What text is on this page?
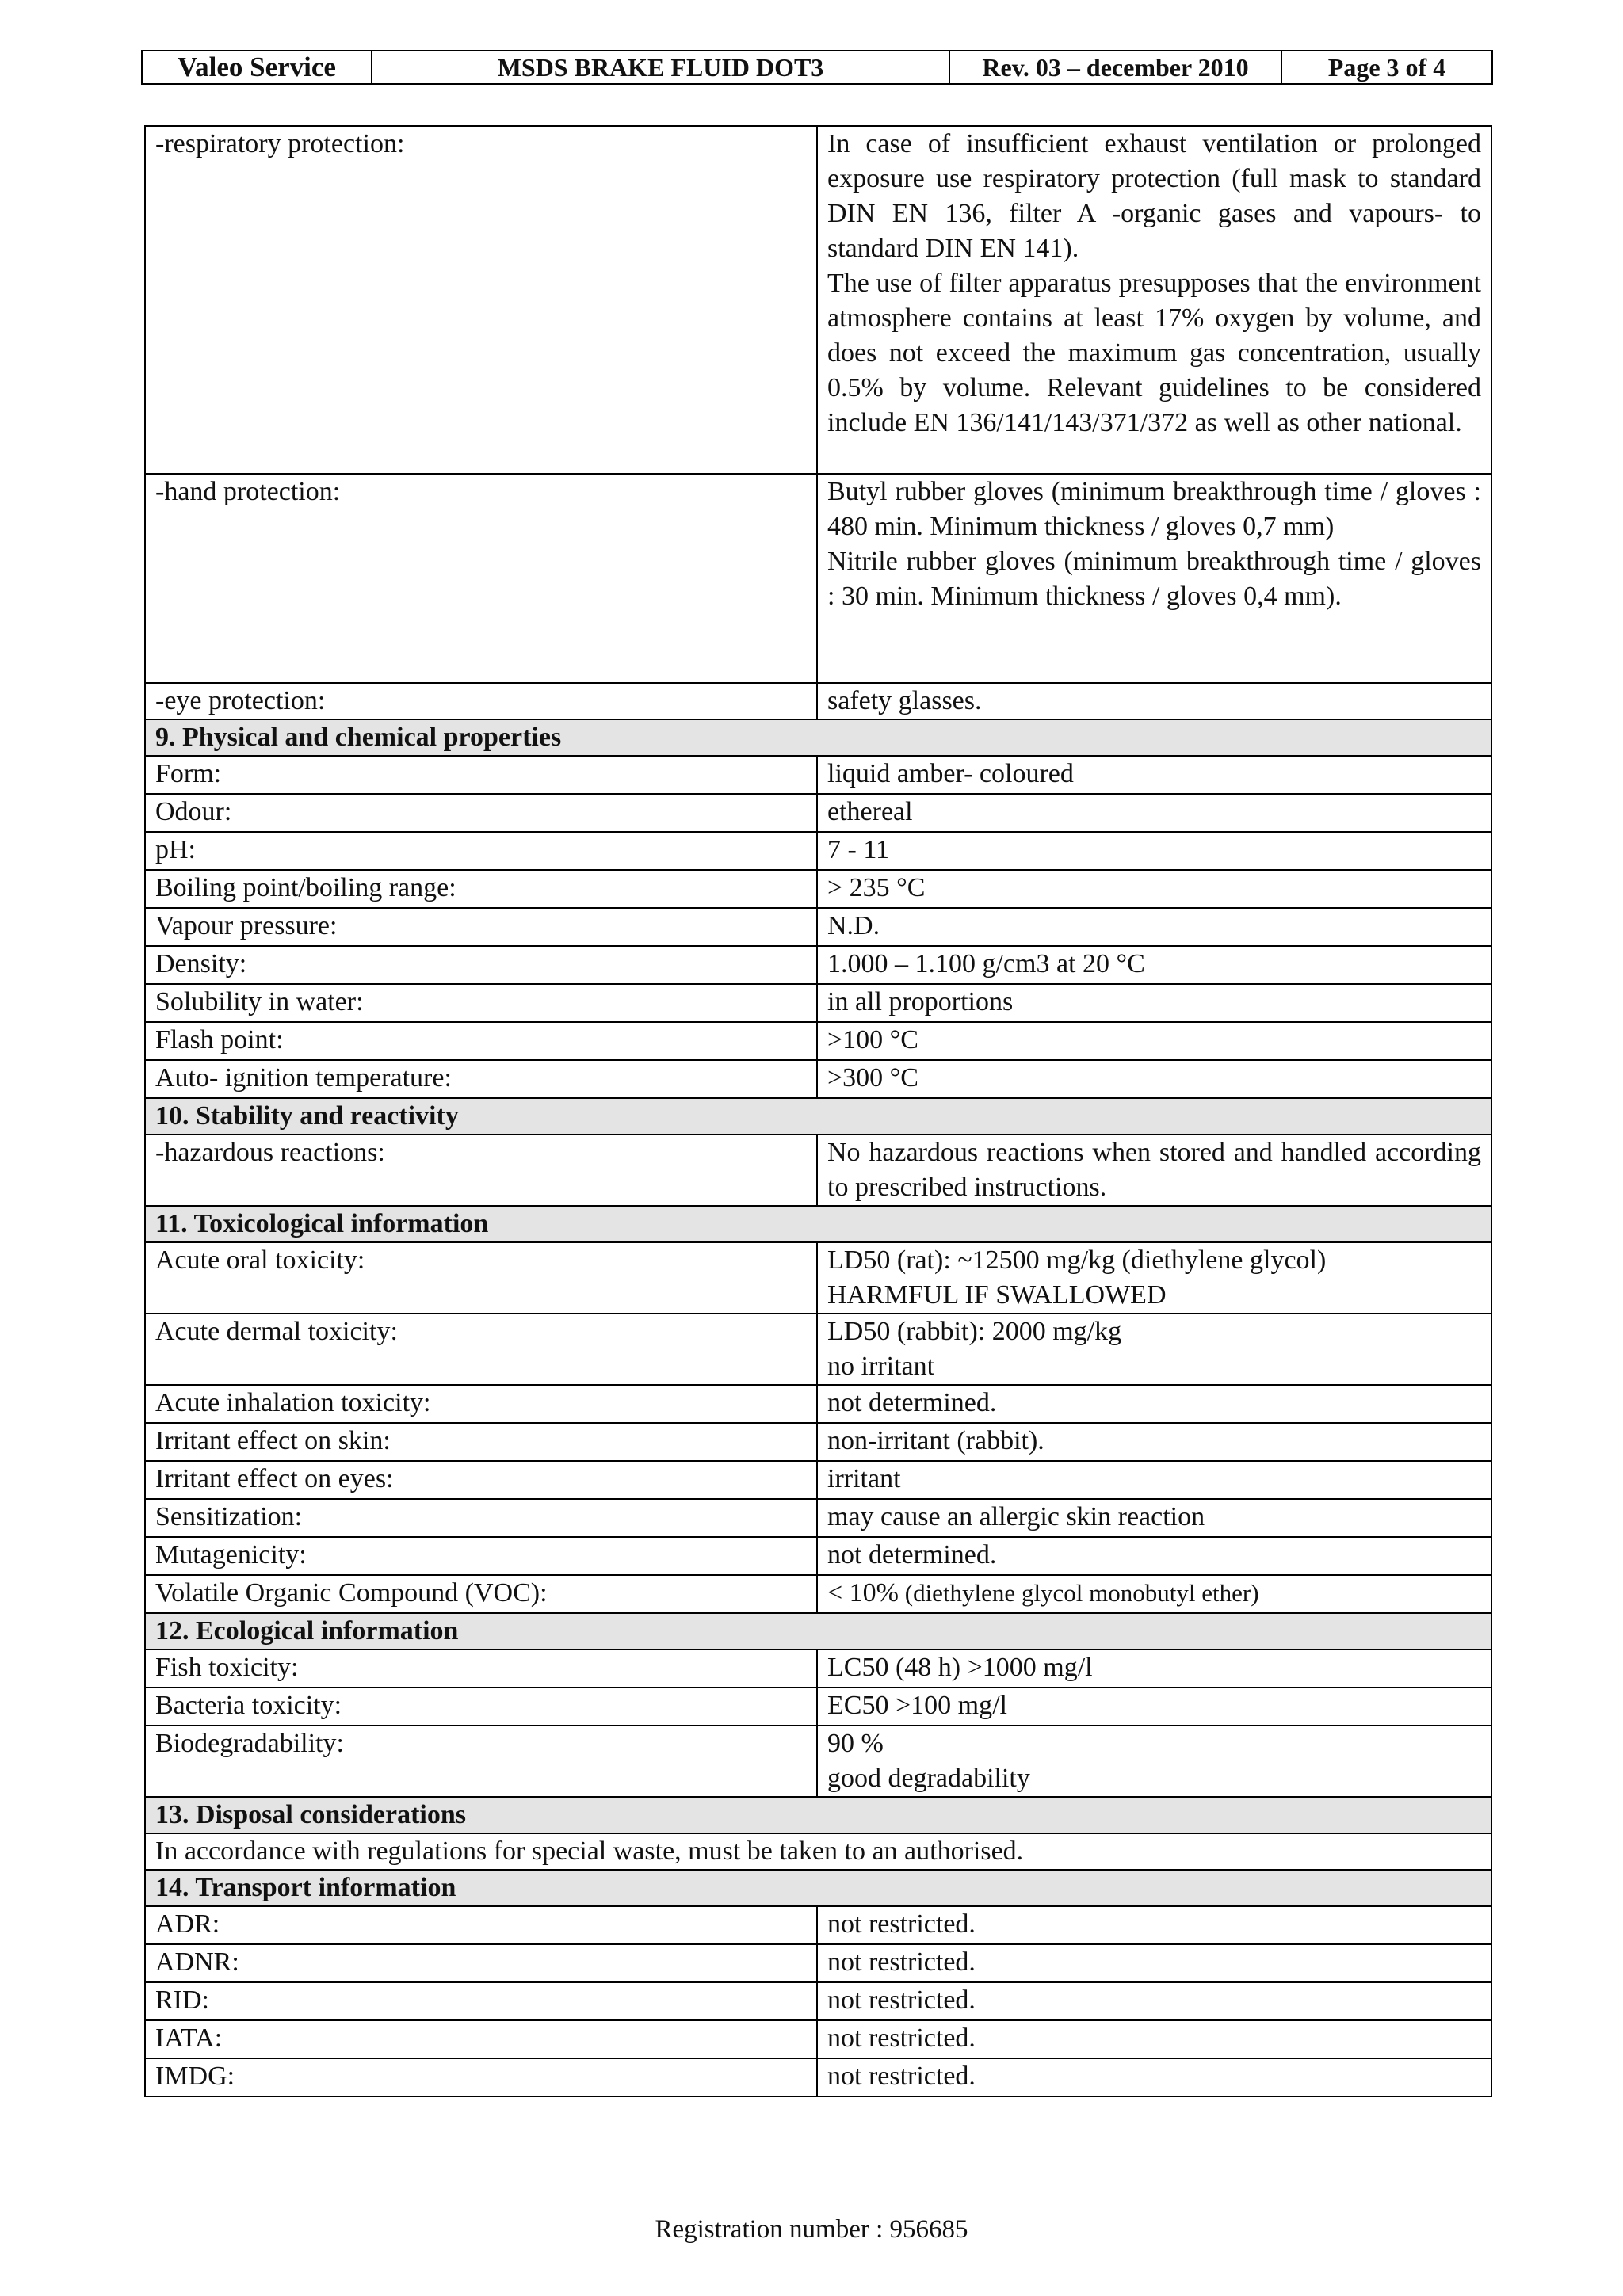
Valeo Service	MSDS BRAKE FLUID DOT3	Rev. 03 – december 2010	Page 3 of 4
-respiratory protection:	In case of insufficient exhaust ventilation or prolonged exposure use respiratory protection (full mask to standard DIN EN 136, filter A -organic gases and vapours- to standard DIN EN 141).
The use of filter apparatus presupposes that the environment atmosphere contains at least 17% oxygen by volume, and does not exceed the maximum gas concentration, usually 0.5% by volume. Relevant guidelines to be considered include EN 136/141/143/371/372 as well as other national.

-hand protection:	Butyl rubber gloves (minimum breakthrough time / gloves : 480 min. Minimum thickness / gloves 0,7 mm)
Nitrile rubber gloves (minimum breakthrough time / gloves : 30 min. Minimum thickness / gloves 0,4 mm).

-eye protection:	safety glasses.
9. Physical and chemical properties	
Form:	liquid amber- coloured
Odour:	ethereal
pH:	7 - 11
Boiling point/boiling range:	> 235 °C
Vapour pressure:	N.D.
Density:	1.000 – 1.100 g/cm3 at 20 °C
Solubility in water:	in all proportions
Flash point:	>100 °C
Auto- ignition temperature:	>300 °C
10. Stability and reactivity	
-hazardous reactions:	No hazardous reactions when stored and handled according to prescribed instructions.
11. Toxicological information	
Acute oral toxicity:	LD50 (rat): ~12500 mg/kg (diethylene glycol)
HARMFUL IF SWALLOWED

Acute dermal toxicity:	LD50 (rabbit): 2000 mg/kg
no irritant

Acute inhalation toxicity:	not determined.
Irritant effect on skin:	non-irritant (rabbit).
Irritant effect on eyes:	irritant
Sensitization:	may cause an allergic skin reaction
Mutagenicity:	not determined.
Volatile Organic Compound (VOC):	< 10% (diethylene glycol monobutyl ether)
12. Ecological information	
Fish toxicity:	LC50 (48 h) >1000 mg/l
Bacteria toxicity:	EC50 >100 mg/l
Biodegradability:	90 %
good degradability

13. Disposal considerations	
In accordance with regulations for special waste, must be taken to an authorised.	
14. Transport information	
ADR:	not restricted.
ADNR:	not restricted.
RID:	not restricted.
IATA:	not restricted.
IMDG:	not restricted.
Registration number : 956685
